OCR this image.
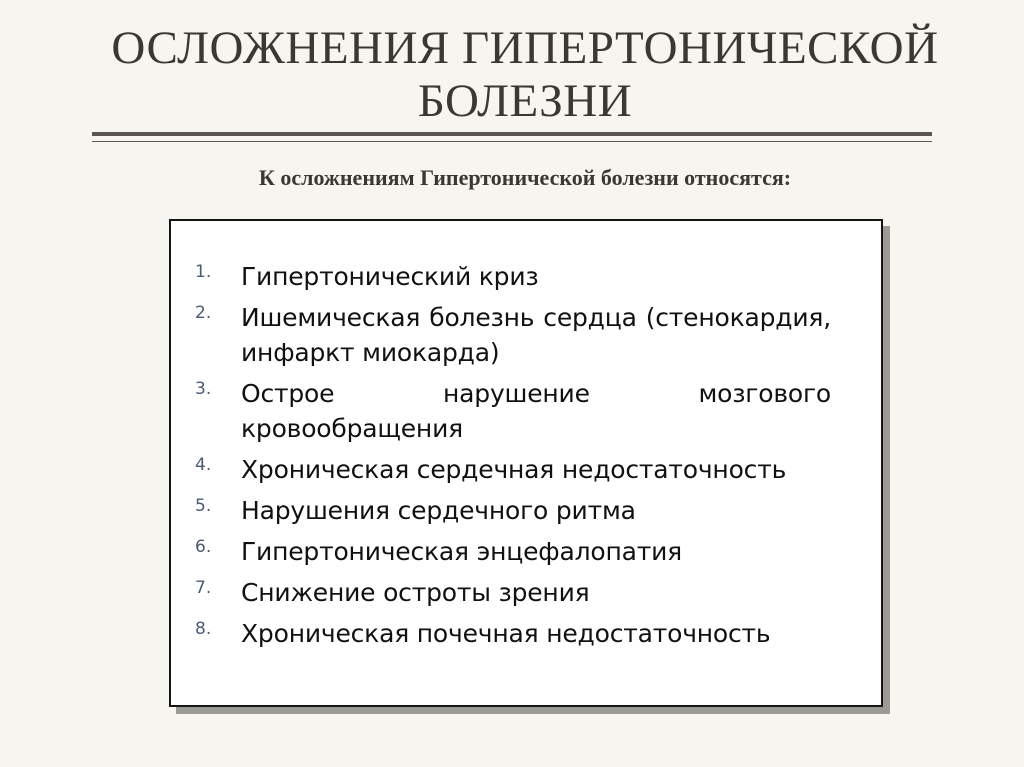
ОСЛОЖНЕНИЯ ГИПЕРТОНИЧЕСКОЙ БОЛЕЗНИ
К осложнениям Гипертонической болезни относятся:
1. Гипертонический криз
2. Ишемическая болезнь сердца (стенокардия, инфаркт миокарда)
3. Острое нарушение мозгового кровообращения
4. Хроническая сердечная недостаточность
5. Нарушения сердечного ритма
6. Гипертоническая энцефалопатия
7. Снижение остроты зрения
8. Хроническая почечная недостаточность
